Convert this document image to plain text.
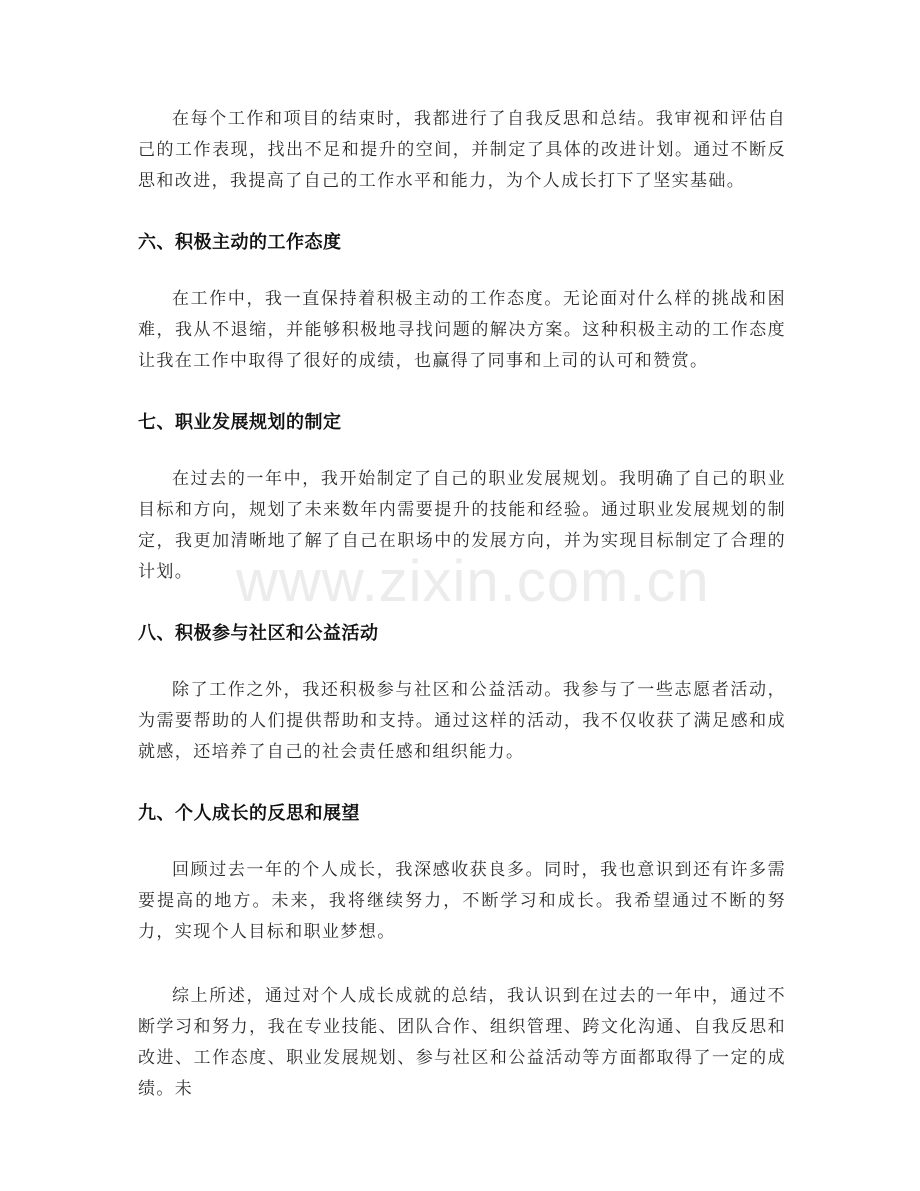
在每个工作和项目的结束时，我都进行了自我反思和总结。我审视和评估自己的工作表现，找出不足和提升的空间，并制定了具体的改进计划。通过不断反思和改进，我提高了自己的工作水平和能力，为个人成长打下了坚实基础。

六、积极主动的工作态度

在工作中，我一直保持着积极主动的工作态度。无论面对什么样的挑战和困难，我从不退缩，并能够积极地寻找问题的解决方案。这种积极主动的工作态度让我在工作中取得了很好的成绩，也赢得了同事和上司的认可和赞赏。

七、职业发展规划的制定

在过去的一年中，我开始制定了自己的职业发展规划。我明确了自己的职业目标和方向，规划了未来数年内需要提升的技能和经验。通过职业发展规划的制定，我更加清晰地了解了自己在职场中的发展方向，并为实现目标制定了合理的计划。

八、积极参与社区和公益活动

除了工作之外，我还积极参与社区和公益活动。我参与了一些志愿者活动，为需要帮助的人们提供帮助和支持。通过这样的活动，我不仅收获了满足感和成就感，还培养了自己的社会责任感和组织能力。

九、个人成长的反思和展望

回顾过去一年的个人成长，我深感收获良多。同时，我也意识到还有许多需要提高的地方。未来，我将继续努力，不断学习和成长。我希望通过不断的努力，实现个人目标和职业梦想。

综上所述，通过对个人成长成就的总结，我认识到在过去的一年中，通过不断学习和努力，我在专业技能、团队合作、组织管理、跨文化沟通、自我反思和改进、工作态度、职业发展规划、参与社区和公益活动等方面都取得了一定的成绩。未

www.zixin.com.cn
